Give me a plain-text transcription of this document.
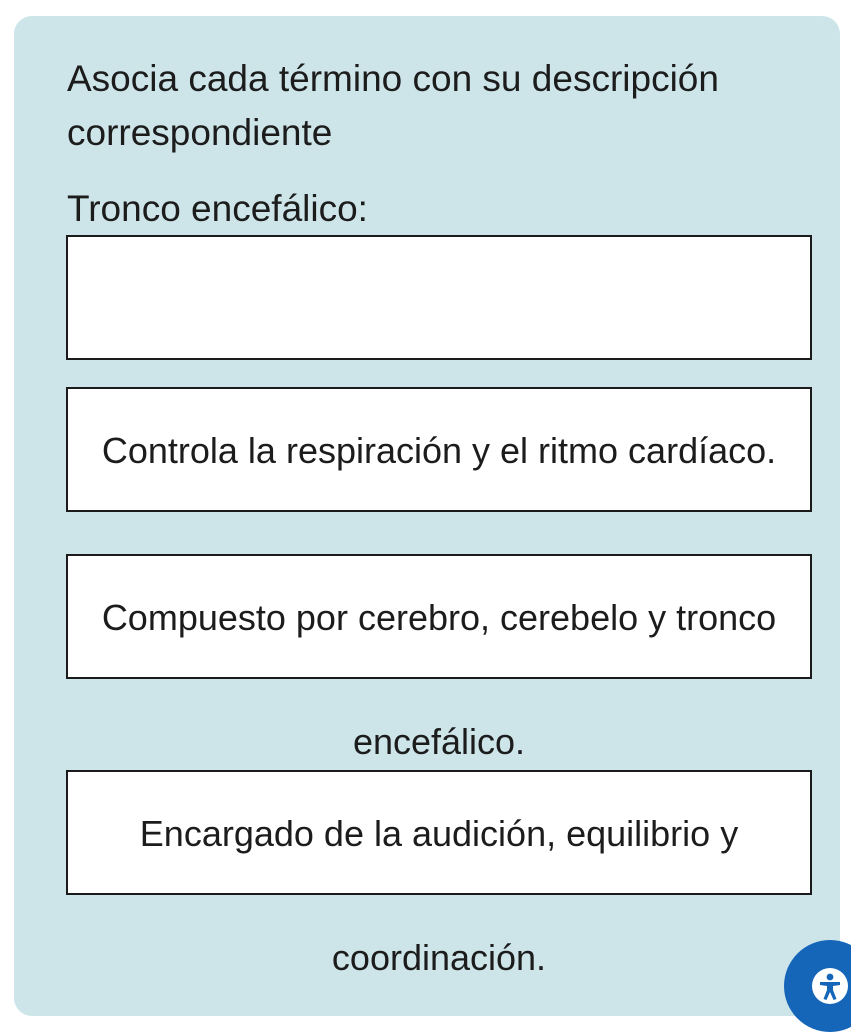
Asocia cada término con su descripción correspondiente

Tronco encefálico:
Controla la respiración y el ritmo cardíaco.
Compuesto por cerebro, cerebelo y tronco
encefálico.
Encargado de la audición, equilibrio y
coordinación.
